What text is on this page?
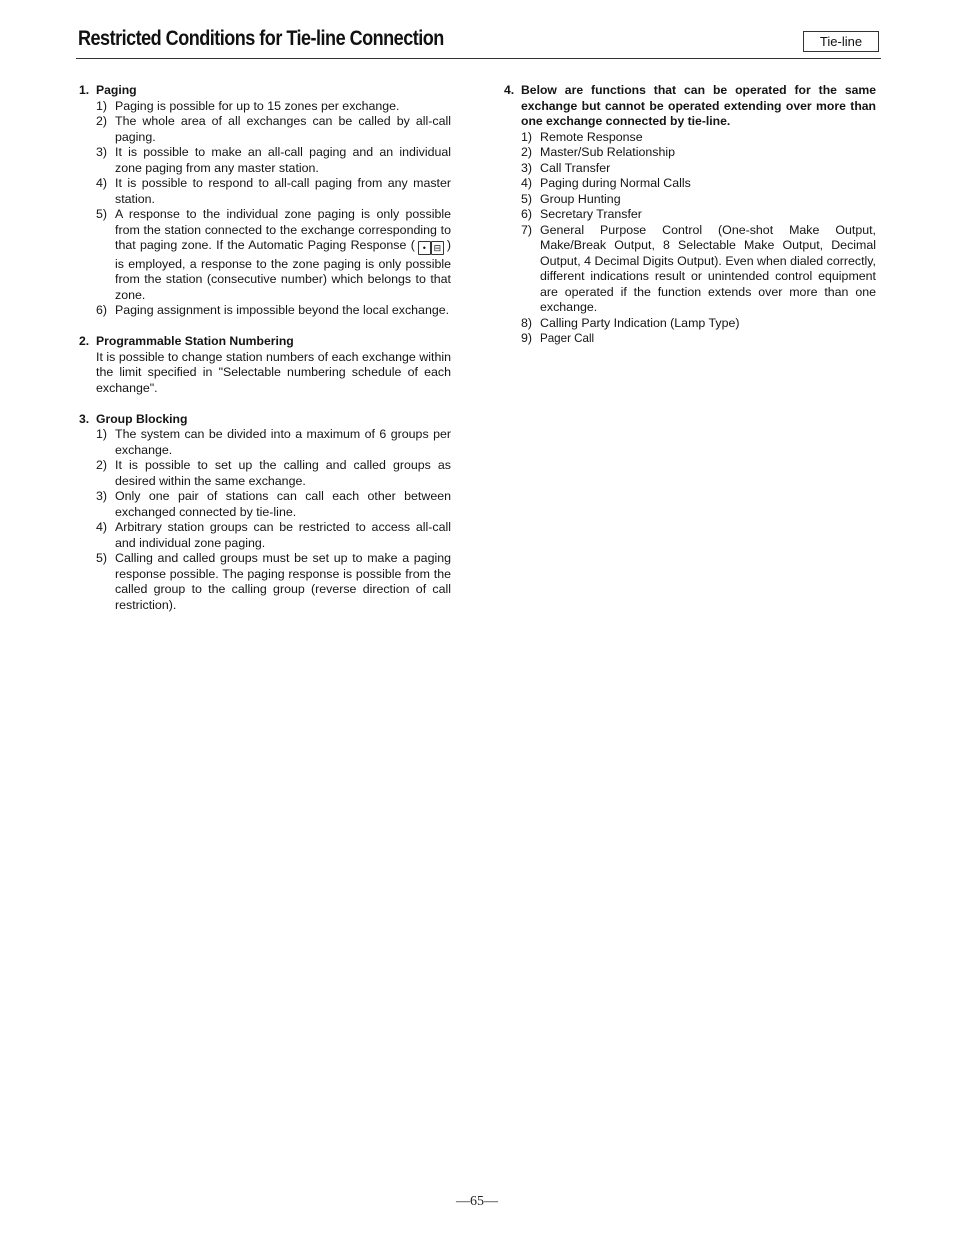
Restricted Conditions for Tie-line Connection	Tie-line
1. Paging
1) Paging is possible for up to 15 zones per exchange.
2) The whole area of all exchanges can be called by all-call paging.
3) It is possible to make an all-call paging and an individual zone paging from any master station.
4) It is possible to respond to all-call paging from any master station.
5) A response to the individual zone paging is only possible from the station connected to the exchange corresponding to that paging zone. If the Automatic Paging Response ( • ⊟ ) is employed, a response to the zone paging is only possible from the station (consecutive number) which belongs to that zone.
6) Paging assignment is impossible beyond the local exchange.
2. Programmable Station Numbering
It is possible to change station numbers of each exchange within the limit specified in "Selectable numbering schedule of each exchange".
3. Group Blocking
1) The system can be divided into a maximum of 6 groups per exchange.
2) It is possible to set up the calling and called groups as desired within the same exchange.
3) Only one pair of stations can call each other between exchanged connected by tie-line.
4) Arbitrary station groups can be restricted to access all-call and individual zone paging.
5) Calling and called groups must be set up to make a paging response possible. The paging response is possible from the called group to the calling group (reverse direction of call restriction).
4. Below are functions that can be operated for the same exchange but cannot be operated extending over more than one exchange connected by tie-line.
1) Remote Response
2) Master/Sub Relationship
3) Call Transfer
4) Paging during Normal Calls
5) Group Hunting
6) Secretary Transfer
7) General Purpose Control (One-shot Make Output, Make/Break Output, 8 Selectable Make Output, Decimal Output, 4 Decimal Digits Output). Even when dialed correctly, different indications result or unintended control equipment are operated if the function extends over more than one exchange.
8) Calling Party Indication (Lamp Type)
9) Pager Call
—65—
